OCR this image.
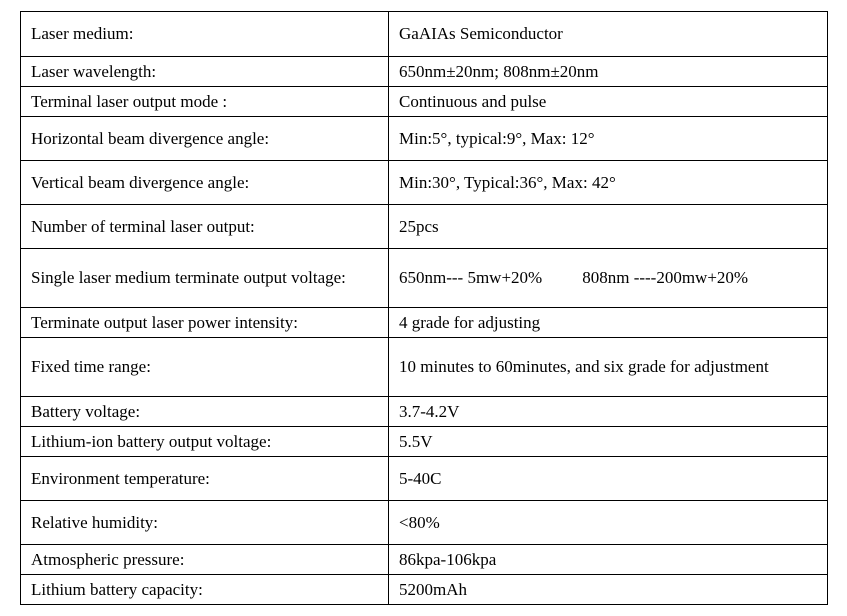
Laser medium:	GaAIAs Semiconductor
Laser wavelength:	650nm±20nm; 808nm±20nm
Terminal laser output mode :	Continuous and pulse
Horizontal beam divergence angle:	Min:5°, typical:9°, Max: 12°
Vertical beam divergence angle:	Min:30°, Typical:36°, Max: 42°
Number of terminal laser output:	25pcs
Single laser medium terminate output voltage:	650nm--- 5mw+20% 808nm ----200mw+20%
Terminate output laser power intensity:	4 grade for adjusting
Fixed time range:	10 minutes to 60minutes, and six grade for adjustment
Battery voltage:	3.7-4.2V
Lithium-ion battery output voltage:	5.5V
Environment temperature:	5-40C
Relative humidity:	<80%
Atmospheric pressure:	86kpa-106kpa
Lithium battery capacity:	5200mAh
